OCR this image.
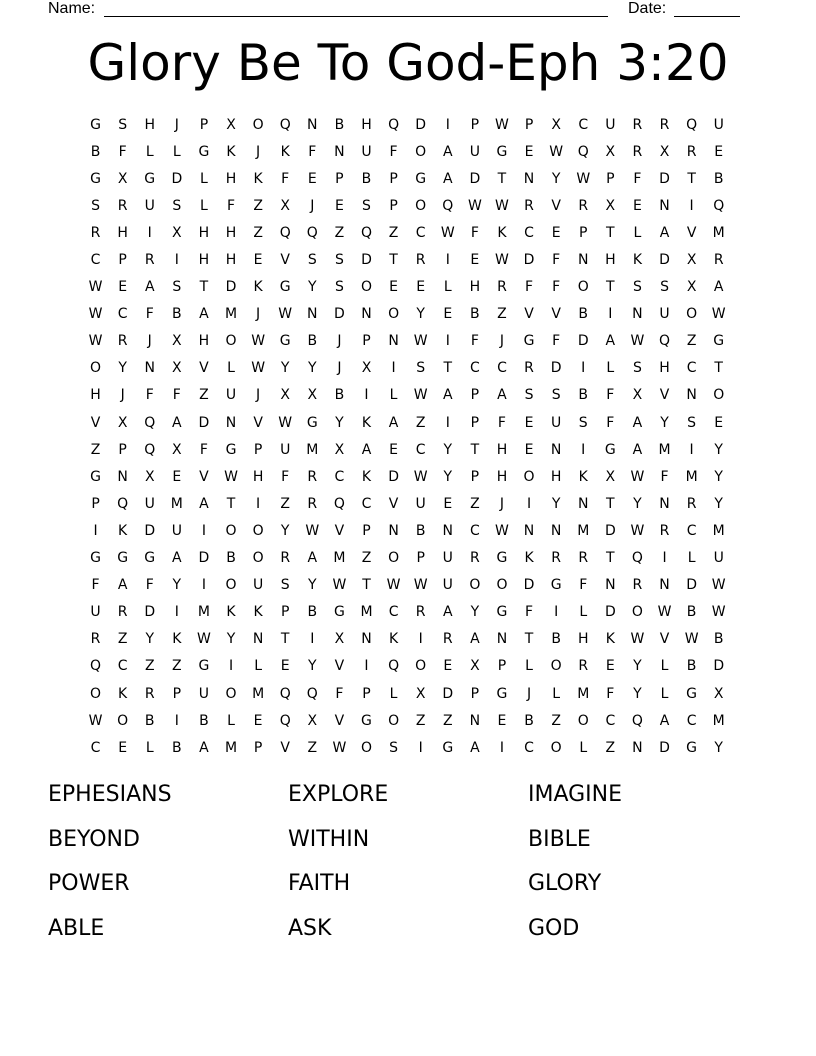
Name:	Date:
Glory Be To God-Eph 3:20
G	S	H	J	P	X	O	Q	N	B	H	Q	D	I	P	W	P	X	C	U	R	R	Q	U
B	F	L	L	G	K	J	K	F	N	U	F	O	A	U	G	E	W	Q	X	R	X	R	E
G	X	G	D	L	H	K	F	E	P	B	P	G	A	D	T	N	Y	W	P	F	D	T	B
S	R	U	S	L	F	Z	X	J	E	S	P	O	Q	W W	R	V	R	X	E	N	I	Q
R	H	I	X	H	H	Z	Q	Q	Z	Q	Z	C	W	F	K	C	E	P	T	L	A	V	M
C	P	R	I	H	H	E	V	S	S	D	T	R	I	E	W	D	F	N	H	K	D	X	R
W	E	A	S	T	D	K	G	Y	S	O	E	E	L	H	R	F	F	O	T	S	S	X	A
W	C	F	B	A	M	J	W	N	D	N	O	Y	E	B	Z	V	V	B	I	N	U	O	W
W	R	J	X	H	O	W	G	B	J	P	N	W	I	F	J	G	F	D	A	W	Q	Z	G
O	Y	N	X	V	L	W	Y	Y	J	X	I	S	T	C	C	R	D	I	L	S	H	C	T
H	J	F	F	Z	U	J	X	X	B	I	L	W	A	P	A	S	S	B	F	X	V	N	O
V	X	Q	A	D	N	V	W	G	Y	K	A	Z	I	P	F	E	U	S	F	A	Y	S	E
Z	P	Q	X	F	G	P	U	M	X	A	E	C	Y	T	H	E	N	I	G	A	M	I	Y
G	N	X	E	V	W	H	F	R	C	K	D	W	Y	P	H	O	H	K	X	W	F	M	Y
P	Q	U	M	A	T	I	Z	R	Q	C	V	U	E	Z	J	I	Y	N	T	Y	N	R	Y
I	K	D	U	I	O	O	Y	W	V	P	N	B	N	C	W	N	N	M	D	W	R	C	M
G	G	G	A	D	B	O	R	A	M	Z	O	P	U	R	G	K	R	R	T	Q	I	L	U
F	A	F	Y	I	O	U	S	Y	W	T	W W	U	O	O	D	G	F	N	R	N	D	W
U	R	D	I	M	K	K	P	B	G	M	C	R	A	Y	G	F	I	L	D	O	W	B	W
R	Z	Y	K	W	Y	N	T	I	X	N	K	I	R	A	N	T	B	H	K	W	V	W	B
Q	C	Z	Z	G	I	L	E	Y	V	I	Q	O	E	X	P	L	O	R	E	Y	L	B	D
O	K	R	P	U	O	M	Q	Q	F	P	L	X	D	P	G	J	L	M	F	Y	L	G	X
W	O	B	I	B	L	E	Q	X	V	G	O	Z	Z	N	E	B	Z	O	C	Q	A	C	M
C	E	L	B	A	M	P	V	Z	W	O	S	I	G	A	I	C	O	L	Z	N	D	G	Y
EPHESIANS	EXPLORE	IMAGINE
BEYOND	WITHIN	BIBLE
POWER	FAITH	GLORY
ABLE	ASK	GOD
